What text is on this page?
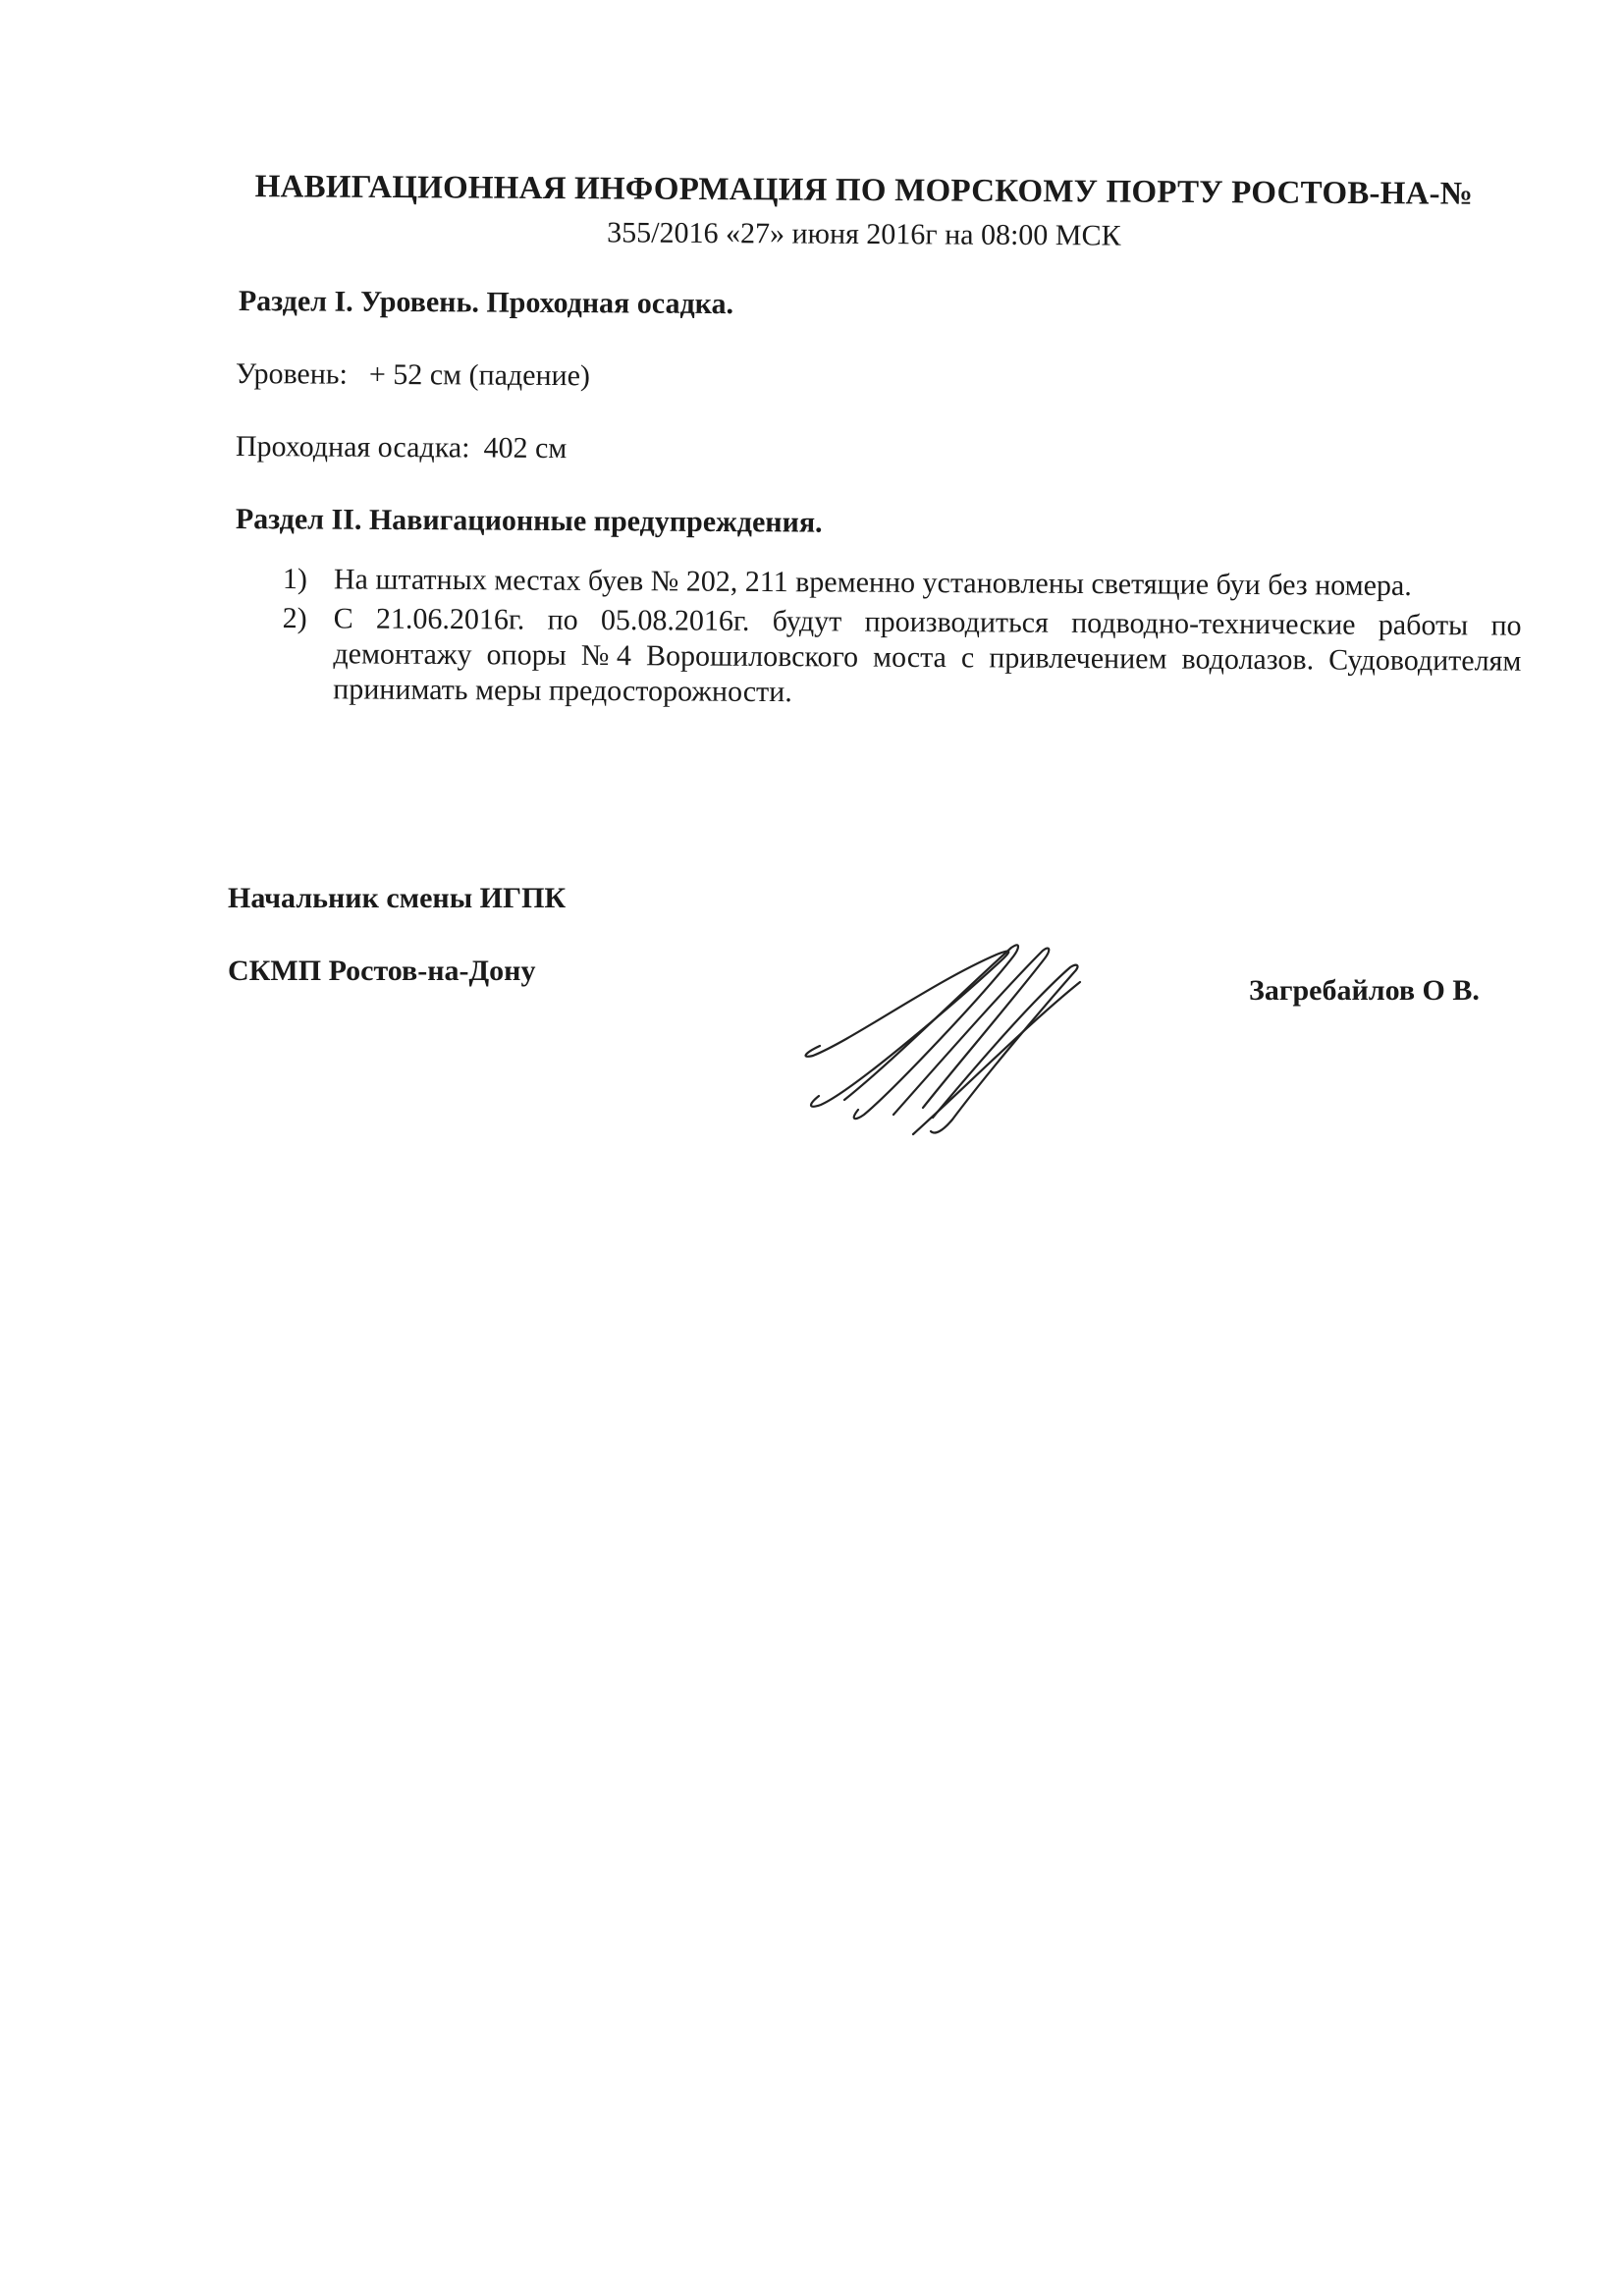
НАВИГАЦИОННАЯ ИНФОРМАЦИЯ ПО МОРСКОМУ ПОРТУ РОСТОВ-НА-№
355/2016 «27» июня 2016г на 08:00 МСК
Раздел I. Уровень. Проходная осадка.
Уровень: + 52 см (падение)
Проходная осадка: 402 см
Раздел II. Навигационные предупреждения.
1) На штатных местах буев № 202, 211 временно установлены светящие буи без номера.
2) С 21.06.2016г. по 05.08.2016г. будут производиться подводно-технические работы по демонтажу опоры №4 Ворошиловского моста с привлечением водолазов. Судоводителям принимать меры предосторожности.
Начальник смены ИГПК
СКМП Ростов-на-Дону
Загребайлов О В.
